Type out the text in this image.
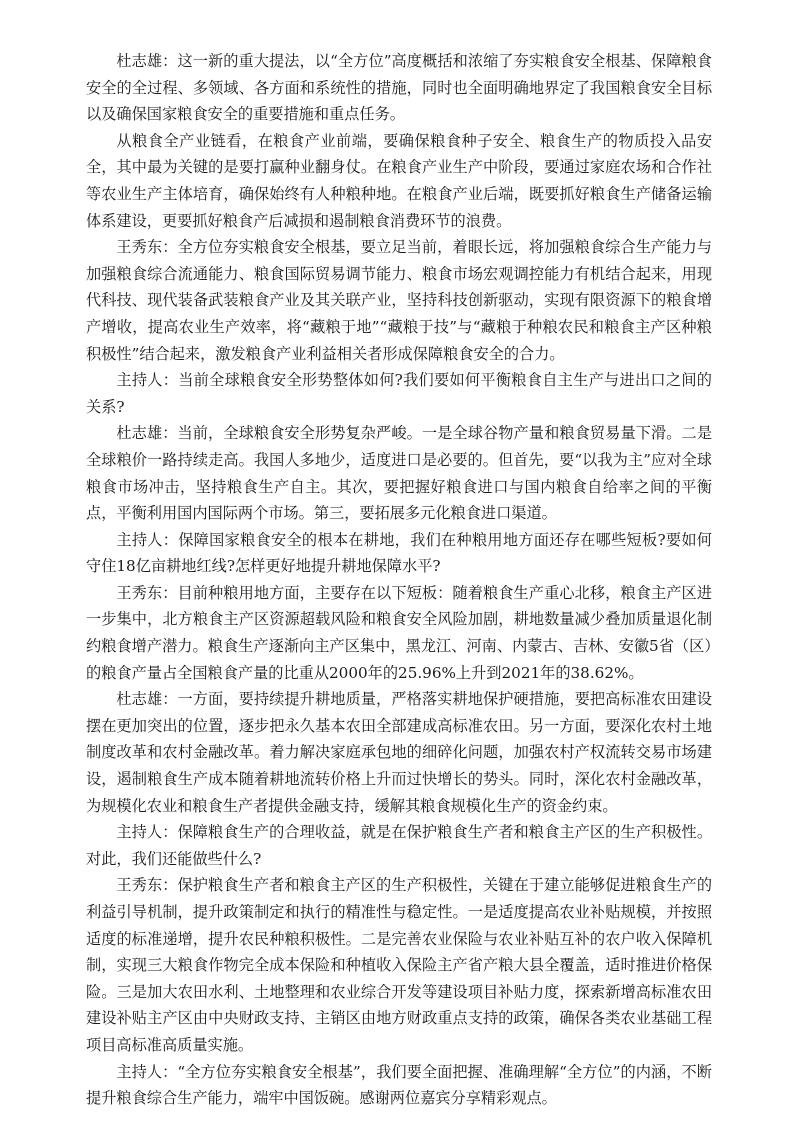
杜志雄：这一新的重大提法，以“全方位”高度概括和浓缩了夯实粮食安全根基、保障粮食安全的全过程、多领域、各方面和系统性的措施，同时也全面明确地界定了我国粮食安全目标以及确保国家粮食安全的重要措施和重点任务。

从粮食全产业链看，在粮食产业前端，要确保粮食种子安全、粮食生产的物质投入品安全，其中最为关键的是要打赢种业翻身仗。在粮食产业生产中阶段，要通过家庭农场和合作社等农业生产主体培育，确保始终有人种粮种地。在粮食产业后端，既要抓好粮食生产储备运输体系建设，更要抓好粮食产后减损和遏制粮食消费环节的浪费。

王秀东：全方位夯实粮食安全根基，要立足当前，着眼长远，将加强粮食综合生产能力与加强粮食综合流通能力、粮食国际贸易调节能力、粮食市场宏观调控能力有机结合起来，用现代科技、现代装备武装粮食产业及其关联产业，坚持科技创新驱动，实现有限资源下的粮食增产增收，提高农业生产效率，将“藏粮于地”“藏粮于技”与“藏粮于种粮农民和粮食主产区种粮积极性”结合起来，激发粮食产业利益相关者形成保障粮食安全的合力。

主持人：当前全球粮食安全形势整体如何?我们要如何平衡粮食自主生产与进出口之间的关系?

杜志雄：当前，全球粮食安全形势复杂严峻。一是全球谷物产量和粮食贸易量下滑。二是全球粮价一路持续走高。我国人多地少，适度进口是必要的。但首先，要“以我为主”应对全球粮食市场冲击，坚持粮食生产自主。其次，要把握好粮食进口与国内粮食自给率之间的平衡点，平衡利用国内国际两个市场。第三，要拓展多元化粮食进口渠道。

主持人：保障国家粮食安全的根本在耕地，我们在种粮用地方面还存在哪些短板?要如何守住18亿亩耕地红线?怎样更好地提升耕地保障水平?

王秀东：目前种粮用地方面，主要存在以下短板：随着粮食生产重心北移，粮食主产区进一步集中，北方粮食主产区资源超载风险和粮食安全风险加剧，耕地数量减少叠加质量退化制约粮食增产潜力。粮食生产逐渐向主产区集中，黑龙江、河南、内蒙古、吉林、安徽5省（区）的粮食产量占全国粮食产量的比重从2000年的25.96%上升到2021年的38.62%。

杜志雄：一方面，要持续提升耕地质量，严格落实耕地保护硬措施，要把高标准农田建设摆在更加突出的位置，逐步把永久基本农田全部建成高标准农田。另一方面，要深化农村土地制度改革和农村金融改革。着力解决家庭承包地的细碎化问题，加强农村产权流转交易市场建设，遏制粮食生产成本随着耕地流转价格上升而过快增长的势头。同时，深化农村金融改革，为规模化农业和粮食生产者提供金融支持，缓解其粮食规模化生产的资金约束。

主持人：保障粮食生产的合理收益，就是在保护粮食生产者和粮食主产区的生产积极性。对此，我们还能做些什么?

王秀东：保护粮食生产者和粮食主产区的生产积极性，关键在于建立能够促进粮食生产的利益引导机制，提升政策制定和执行的精准性与稳定性。一是适度提高农业补贴规模，并按照适度的标准递增，提升农民种粮积极性。二是完善农业保险与农业补贴互补的农户收入保障机制，实现三大粮食作物完全成本保险和种植收入保险主产省产粮大县全覆盖，适时推进价格保险。三是加大农田水利、土地整理和农业综合开发等建设项目补贴力度，探索新增高标准农田建设补贴主产区由中央财政支持、主销区由地方财政重点支持的政策，确保各类农业基础工程项目高标准高质量实施。

主持人：“全方位夯实粮食安全根基”，我们要全面把握、准确理解“全方位”的内涵，不断提升粮食综合生产能力，端牢中国饭碗。感谢两位嘉宾分享精彩观点。
